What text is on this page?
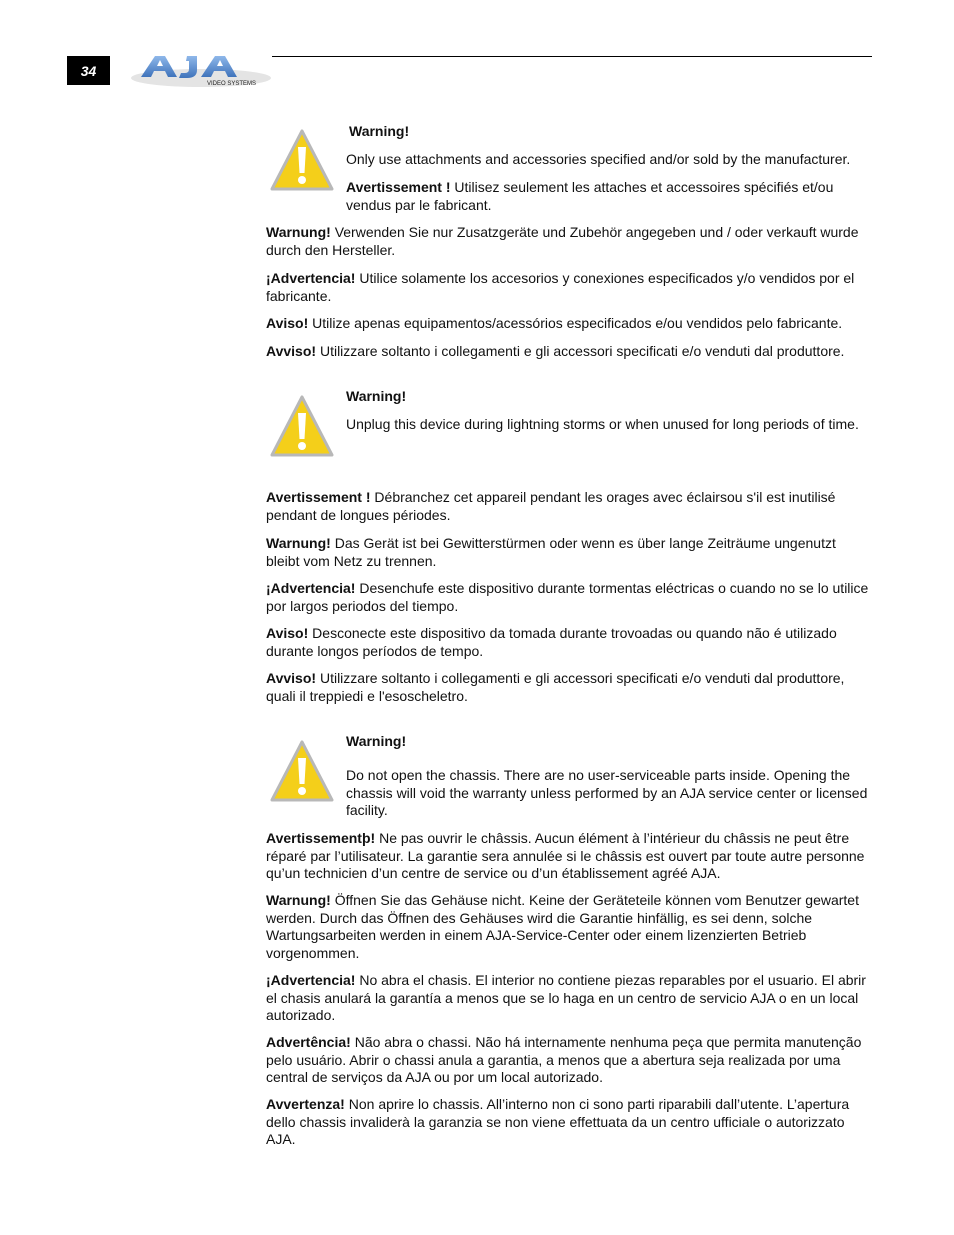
34
VIDEO SYSTEMS

Warning!

Only use attachments and accessories specified and/or sold by the manufacturer.

Avertissement ! Utilisez seulement les attaches et accessoires spécifiés et/ou vendus par le fabricant.

Warnung! Verwenden Sie nur Zusatzgeräte und Zubehör angegeben und / oder verkauft wurde durch den Hersteller.

¡Advertencia! Utilice solamente los accesorios y conexiones especificados y/o vendidos por el fabricante.

Aviso! Utilize apenas equipamentos/acessórios especificados e/ou vendidos pelo fabricante.

Avviso! Utilizzare soltanto i collegamenti e gli accessori specificati e/o venduti dal produttore.

Warning!

Unplug this device during lightning storms or when unused for long periods of time.

Avertissement ! Débranchez cet appareil pendant les orages avec éclairsou s'il est inutilisé pendant de longues périodes.

Warnung! Das Gerät ist bei Gewitterstürmen oder wenn es über lange Zeiträume ungenutzt bleibt vom Netz zu trennen.

¡Advertencia! Desenchufe este dispositivo durante tormentas eléctricas o cuando no se lo utilice por largos periodos del tiempo.

Aviso! Desconecte este dispositivo da tomada durante trovoadas ou quando não é utilizado durante longos períodos de tempo.

Avviso! Utilizzare soltanto i collegamenti e gli accessori specificati e/o venduti dal produttore, quali il treppiedi e l'esoscheletro.

Warning!

Do not open the chassis. There are no user-serviceable parts inside. Opening the chassis will void the warranty unless performed by an AJA service center or licensed facility.

Avertissementþ! Ne pas ouvrir le châssis. Aucun élément à l’intérieur du châssis ne peut être réparé par l’utilisateur. La garantie sera annulée si le châssis est ouvert par toute autre personne qu’un technicien d’un centre de service ou d’un établissement agréé AJA.

Warnung! Öffnen Sie das Gehäuse nicht. Keine der Geräteteile können vom Benutzer gewartet werden. Durch das Öffnen des Gehäuses wird die Garantie hinfällig, es sei denn, solche Wartungsarbeiten werden in einem AJA-Service-Center oder einem lizenzierten Betrieb vorgenommen.

¡Advertencia! No abra el chasis. El interior no contiene piezas reparables por el usuario. El abrir el chasis anulará la garantía a menos que se lo haga en un centro de servicio AJA o en un local autorizado.

Advertência! Não abra o chassi. Não há internamente nenhuma peça que permita manutenção pelo usuário. Abrir o chassi anula a garantia, a menos que a abertura seja realizada por uma central de serviços da AJA ou por um local autorizado.

Avvertenza! Non aprire lo chassis. All’interno non ci sono parti riparabili dall’utente. L’apertura dello chassis invaliderà la garanzia se non viene effettuata da un centro ufficiale o autorizzato AJA.
